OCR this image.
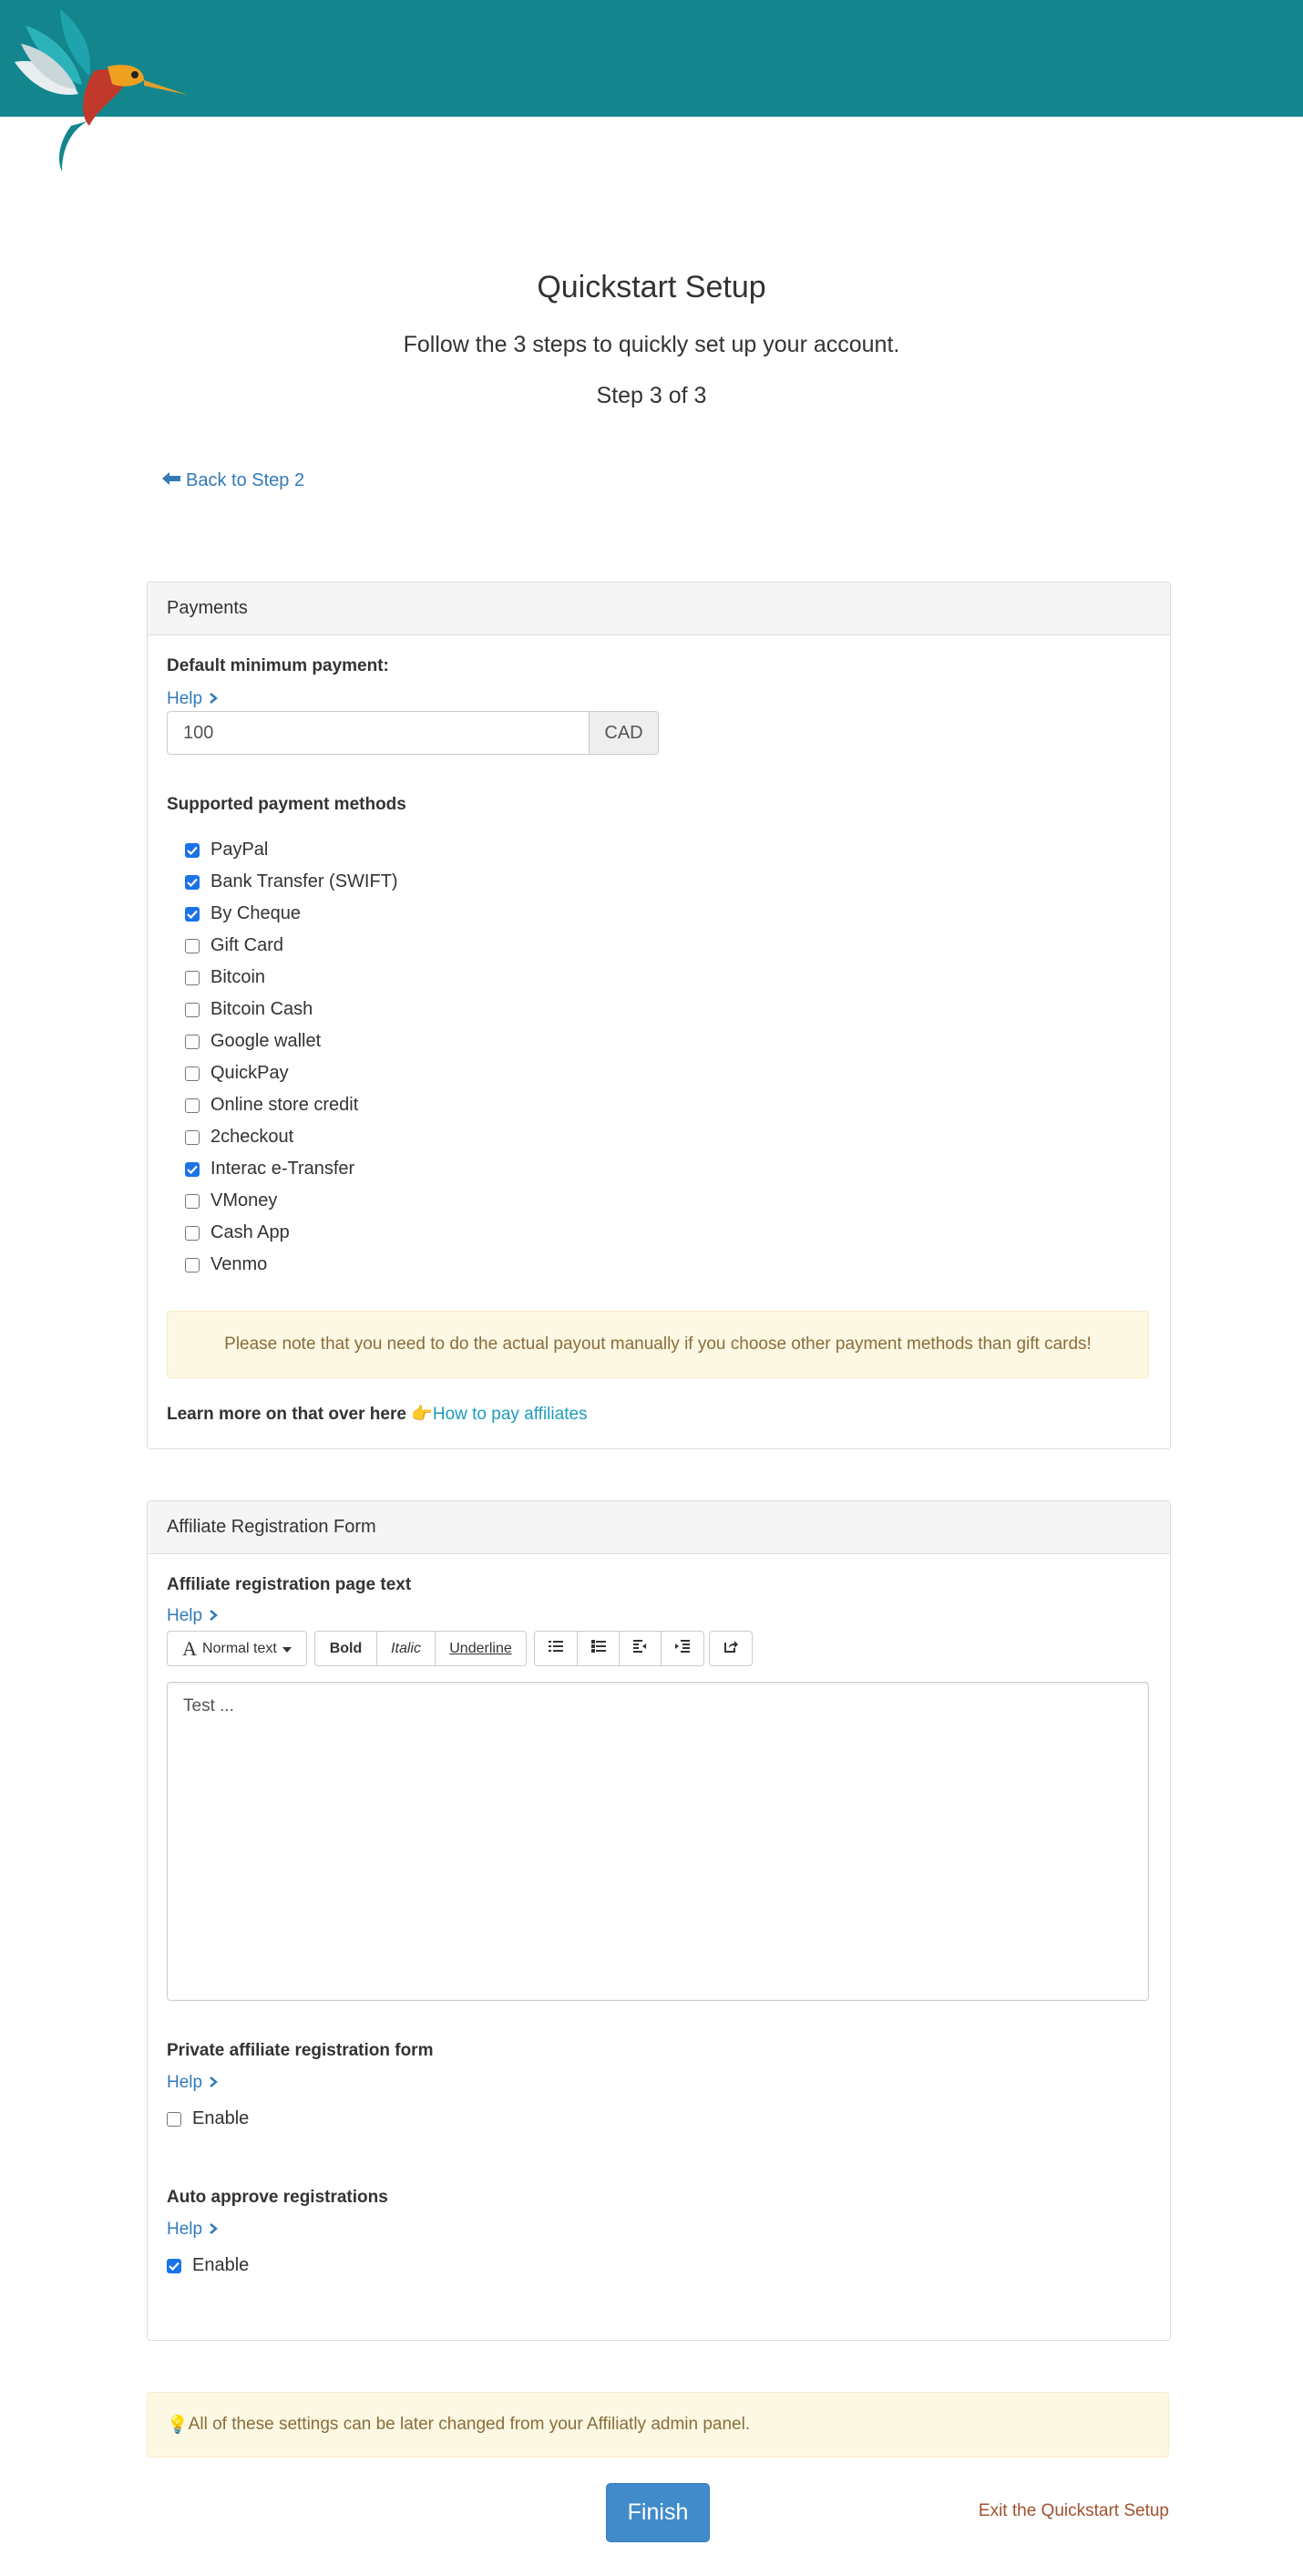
Quickstart Setup
Follow the 3 steps to quickly set up your account.
Step 3 of 3
Back to Step 2
Payments
Default minimum payment:
Help
100	CAD
Supported payment methods
PayPal
Bank Transfer (SWIFT)
By Cheque
Gift Card
Bitcoin
Bitcoin Cash
Google wallet
QuickPay
Online store credit
2checkout
Interac e-Transfer
VMoney
Cash App
Venmo
Please note that you need to do the actual payout manually if you choose other payment methods than gift cards!
Learn more on that over here 👉How to pay affiliates
Affiliate Registration Form
Affiliate registration page text
Help
A Normal text	Bold	Italic	Underline
Test ...
Private affiliate registration form
Help
Enable
Auto approve registrations
Help
Enable
💡 All of these settings can be later changed from your Affiliatly admin panel.
Finish	Exit the Quickstart Setup
